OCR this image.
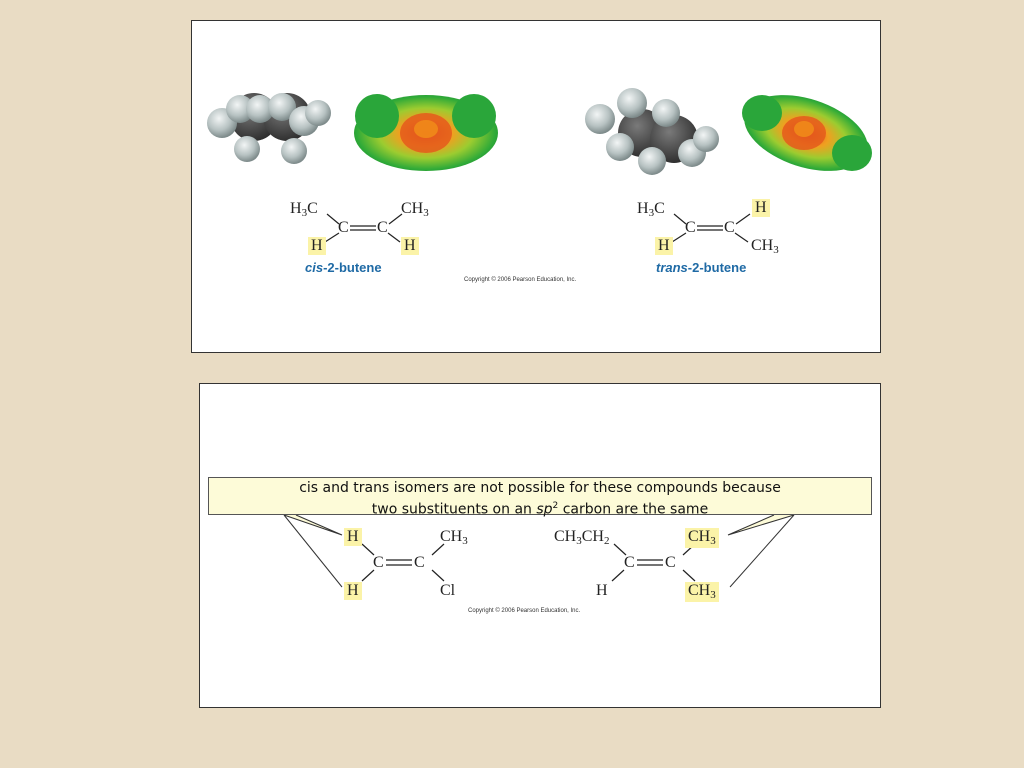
$H_3C$	$CH_3$
C C
H	H
cis-2-butene
$H_3C$	H
C C
H	$CH_3$
trans-2-butene
Copyright © 2006 Pearson Education, Inc.
cis and trans isomers are not possible for these compounds because
two substituents on an $sp^2$ carbon are the same
H
H
C C
$CH_3$
Cl
$CH_3CH_2$
H
C C
$CH_3$
$CH_3$
Copyright © 2006 Pearson Education, Inc.
